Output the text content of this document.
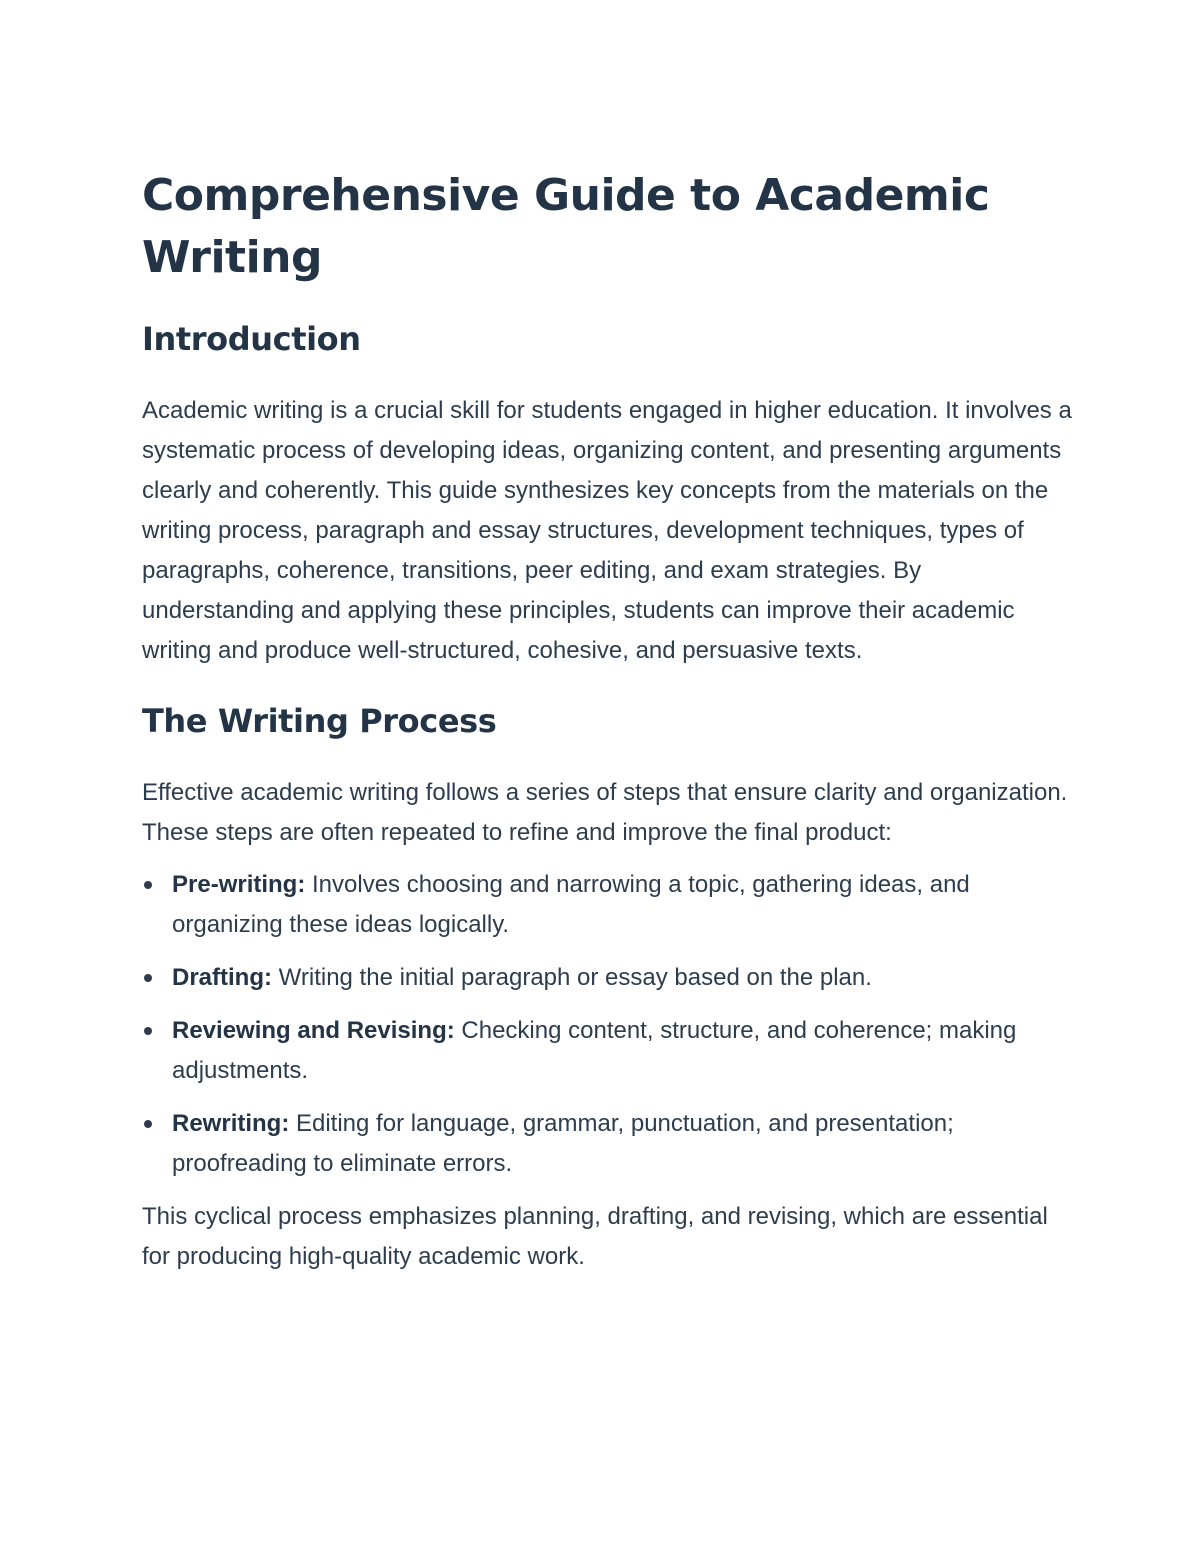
Comprehensive Guide to Academic Writing
Introduction

Academic writing is a crucial skill for students engaged in higher education. It involves a systematic process of developing ideas, organizing content, and presenting arguments clearly and coherently. This guide synthesizes key concepts from the materials on the writing process, paragraph and essay structures, development techniques, types of paragraphs, coherence, transitions, peer editing, and exam strategies. By understanding and applying these principles, students can improve their academic writing and produce well-structured, cohesive, and persuasive texts.

The Writing Process

Effective academic writing follows a series of steps that ensure clarity and organization. These steps are often repeated to refine and improve the final product:

Pre-writing: Involves choosing and narrowing a topic, gathering ideas, and organizing these ideas logically.
Drafting: Writing the initial paragraph or essay based on the plan.
Reviewing and Revising: Checking content, structure, and coherence; making adjustments.
Rewriting: Editing for language, grammar, punctuation, and presentation; proofreading to eliminate errors.

This cyclical process emphasizes planning, drafting, and revising, which are essential for producing high-quality academic work.
